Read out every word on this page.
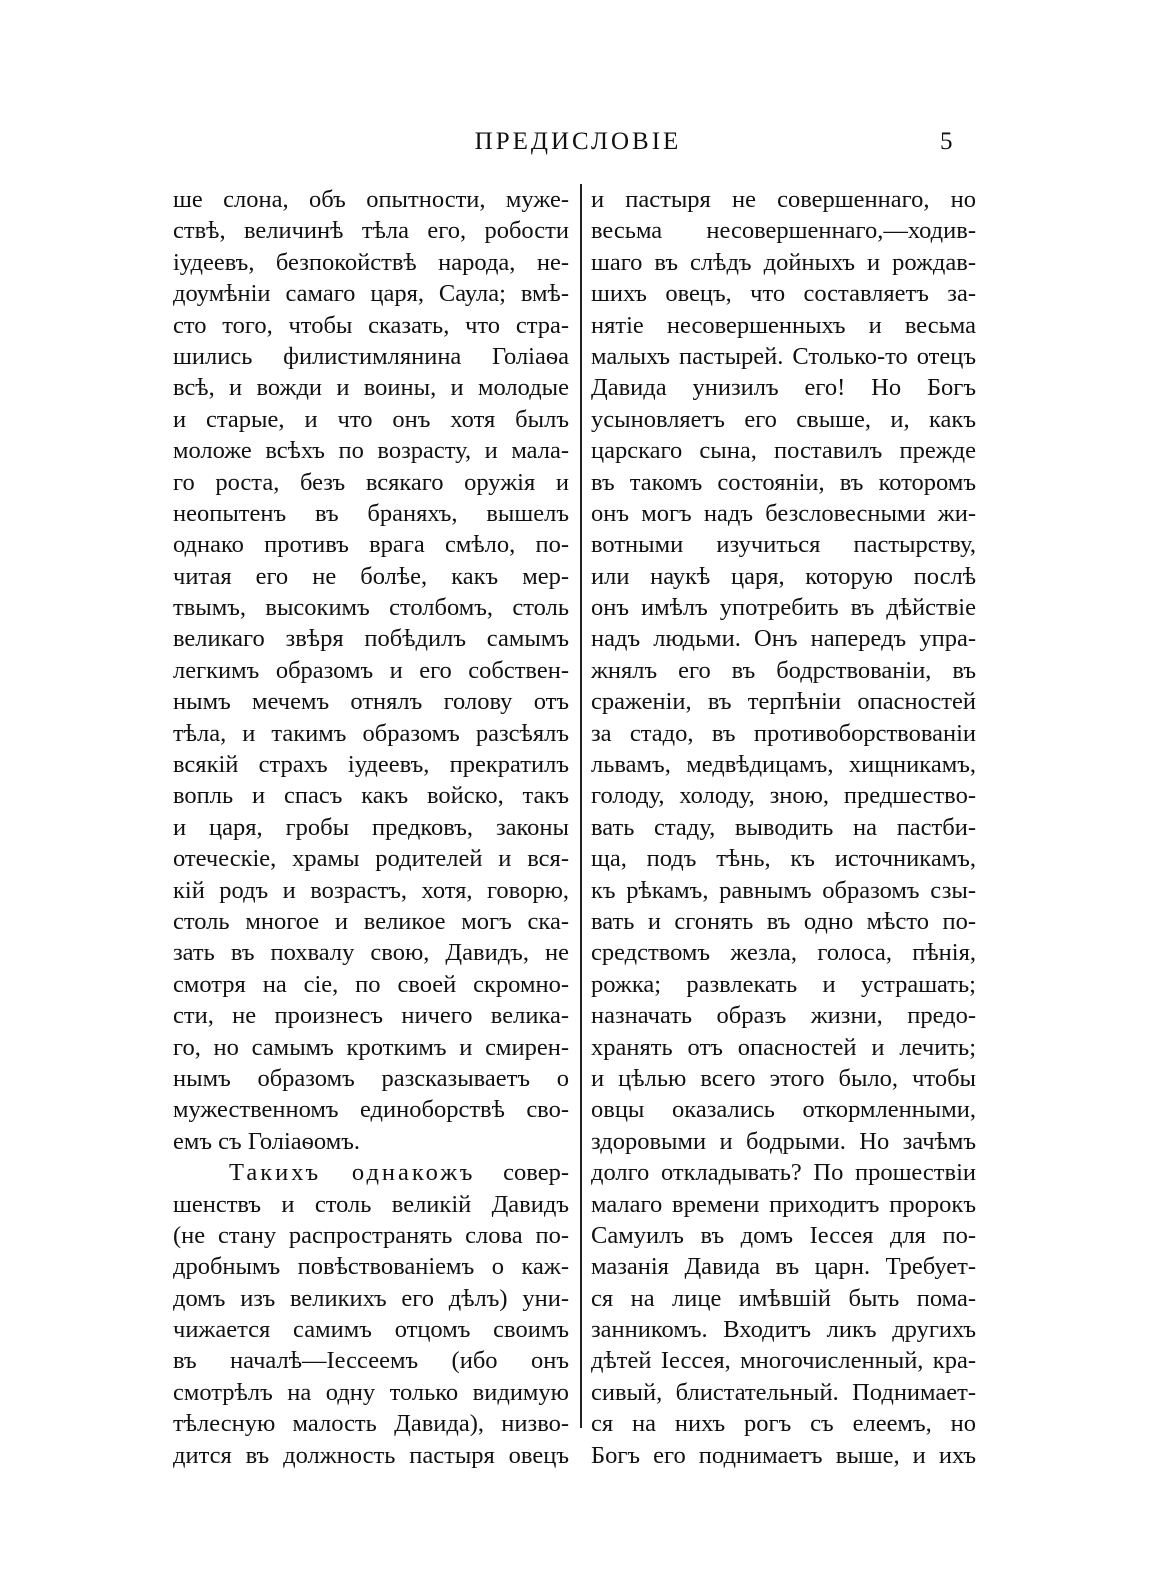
ПРЕДИСЛОВІЕ	5
ше слона, объ опытности, муже-
ствѣ, величинѣ тѣла его, робости
іудеевъ, безпокойствѣ народа, не-
доумѣніи самаго царя, Саула; вмѣ-
сто того, чтобы сказать, что стра-
шились филистимлянина Голіаѳа
всѣ, и вожди и воины, и молодые
и старые, и что онъ хотя былъ
моложе всѣхъ по возрасту, и мала-
го роста, безъ всякаго оружія и
неопытенъ въ браняхъ, вышелъ
однако противъ врага смѣло, по-
читая его не болѣе, какъ мер-
твымъ, высокимъ столбомъ, столь
великаго звѣря побѣдилъ самымъ
легкимъ образомъ и его собствен-
нымъ мечемъ отнялъ голову отъ
тѣла, и такимъ образомъ разсѣялъ
всякій страхъ іудеевъ, прекратилъ
вопль и спасъ какъ войско, такъ
и царя, гробы предковъ, законы
отеческіе, храмы родителей и вся-
кій родъ и возрастъ, хотя, говорю,
столь многое и великое могъ ска-
зать въ похвалу свою, Давидъ, не
смотря на сіе, по своей скромно-
сти, не произнесъ ничего велика-
го, но самымъ кроткимъ и смирен-
нымъ образомъ разсказываетъ о
мужественномъ единоборствѣ сво-
емъ съ Голіаѳомъ.
Такихъ однакожъ совер-
шенствъ и столь великій Давидъ
(не стану распространять слова по-
дробнымъ повѣствованіемъ о каж-
домъ изъ великихъ его дѣлъ) уни-
чижается самимъ отцомъ своимъ
въ началѣ—Іессеемъ (ибо онъ
смотрѣлъ на одну только видимую
тѣлесную малость Давида), низво-
дится въ должность пастыря овецъ
и пастыря не совершеннаго, но
весьма несовершеннаго,—ходив-
шаго въ слѣдъ дойныхъ и рождав-
шихъ овецъ, что составляетъ за-
нятіе несовершенныхъ и весьма
малыхъ пастырей. Столько-то отецъ
Давида унизилъ его! Но Богъ
усыновляетъ его свыше, и, какъ
царскаго сына, поставилъ прежде
въ такомъ состояніи, въ которомъ
онъ могъ надъ безсловесными жи-
вотными изучиться пастырству,
или наукѣ царя, которую послѣ
онъ имѣлъ употребить въ дѣйствіе
надъ людьми. Онъ напередъ упра-
жнялъ его въ бодрствованіи, въ
сраженіи, въ терпѣніи опасностей
за стадо, въ противоборствованіи
львамъ, медвѣдицамъ, хищникамъ,
голоду, холоду, зною, предшество-
вать стаду, выводить на пастби-
ща, подъ тѣнь, къ источникамъ,
къ рѣкамъ, равнымъ образомъ сзы-
вать и сгонять въ одно мѣсто по-
средствомъ жезла, голоса, пѣнія,
рожка; развлекать и устрашать;
назначать образъ жизни, предо-
хранять отъ опасностей и лечить;
и цѣлью всего этого было, чтобы
овцы оказались откормленными,
здоровыми и бодрыми. Но зачѣмъ
долго откладывать? По прошествіи
малаго времени приходитъ пророкъ
Самуилъ въ домъ Іессея для по-
мазанія Давида въ царн. Требует-
ся на лице имѣвшій быть пома-
занникомъ. Входитъ ликъ другихъ
дѣтей Іессея, многочисленный, кра-
сивый, блистательный. Поднимает-
ся на нихъ рогъ съ елеемъ, но
Богъ его поднимаетъ выше, и ихъ
